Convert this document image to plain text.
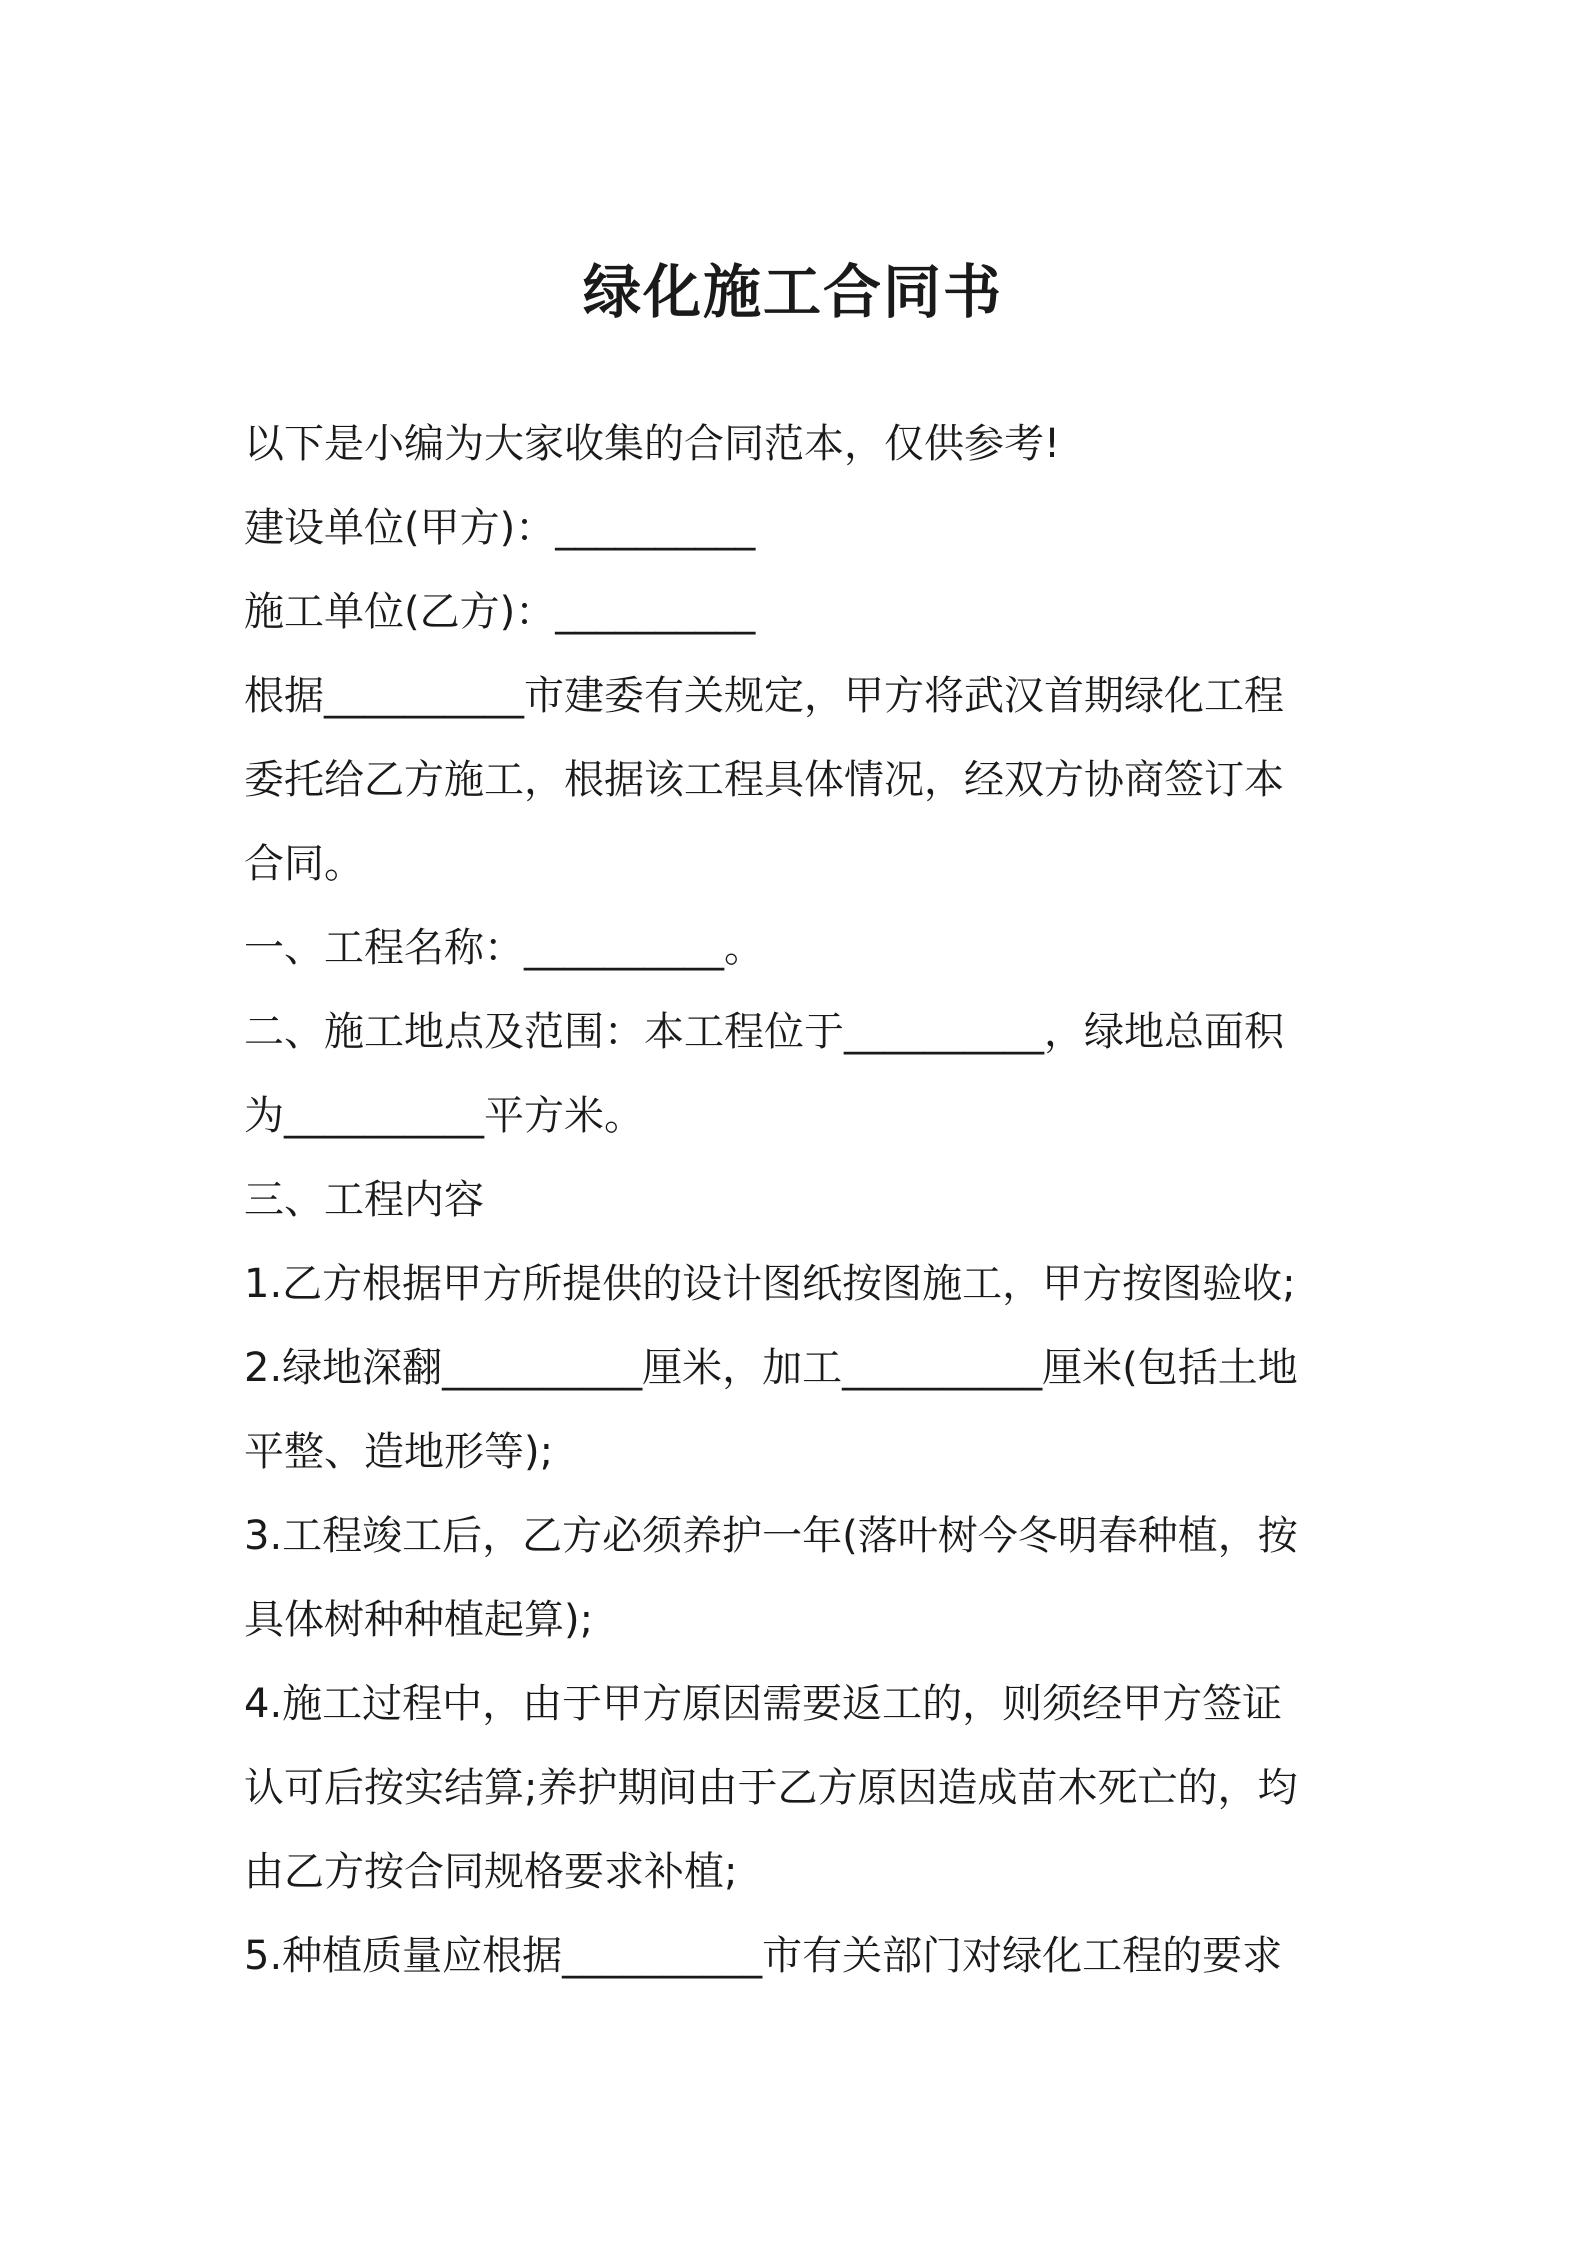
绿化施工合同书
以下是小编为大家收集的合同范本，仅供参考!
建设单位(甲方)：__________
施工单位(乙方)：__________
根据__________市建委有关规定，甲方将武汉首期绿化工程
委托给乙方施工，根据该工程具体情况，经双方协商签订本
合同。
一、工程名称：__________。
二、施工地点及范围：本工程位于__________，绿地总面积
为__________平方米。
三、工程内容
1.乙方根据甲方所提供的设计图纸按图施工，甲方按图验收;
2.绿地深翻__________厘米，加工__________厘米(包括土地
平整、造地形等);
3.工程竣工后，乙方必须养护一年(落叶树今冬明春种植，按
具体树种种植起算);
4.施工过程中，由于甲方原因需要返工的，则须经甲方签证
认可后按实结算;养护期间由于乙方原因造成苗木死亡的，均
由乙方按合同规格要求补植;
5.种植质量应根据__________市有关部门对绿化工程的要求
